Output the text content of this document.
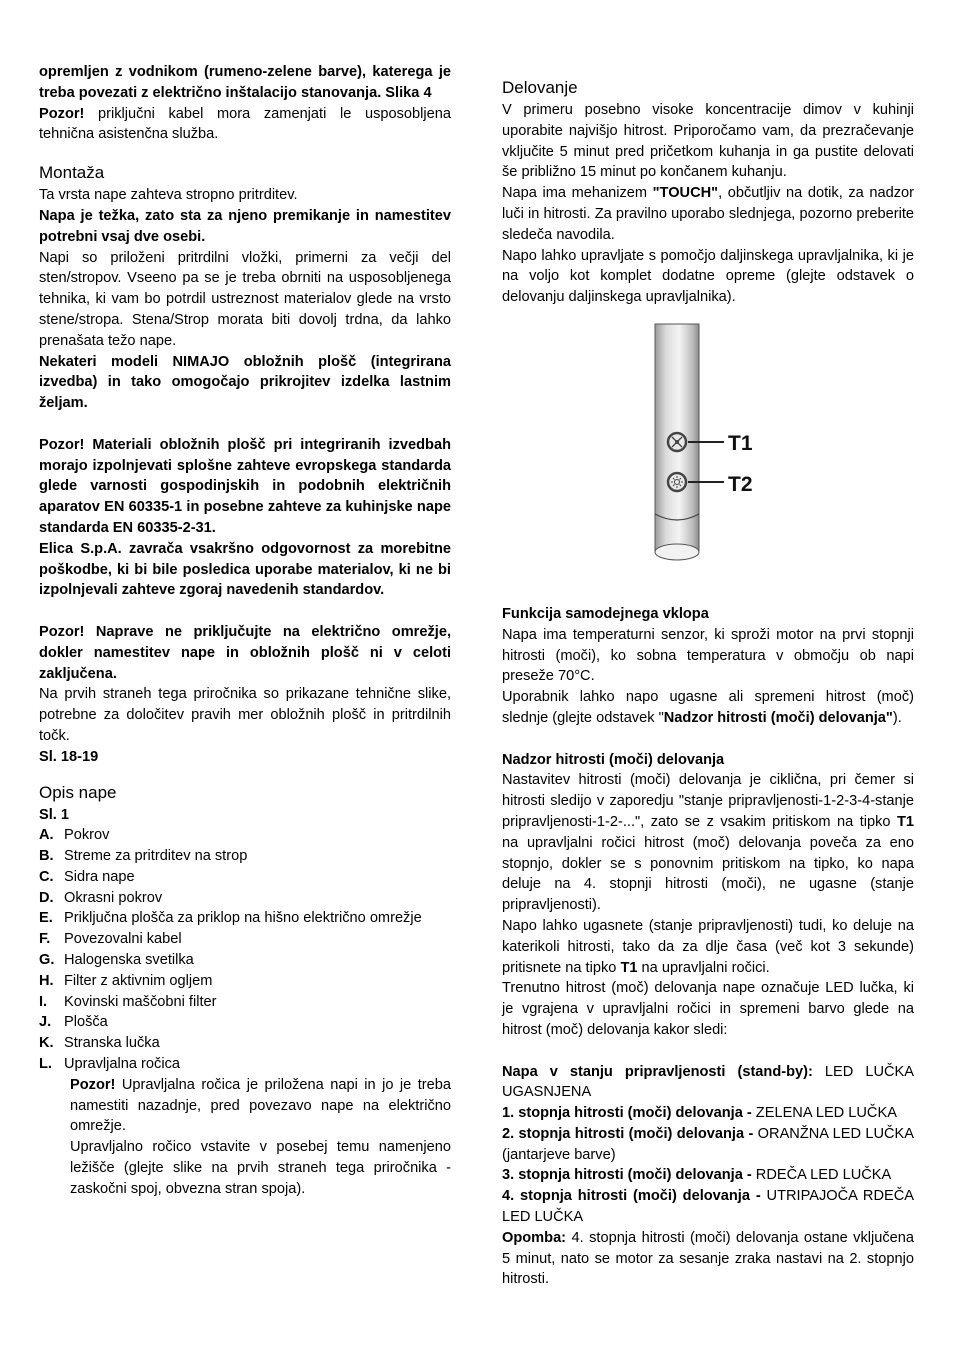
opremljen z vodnikom (rumeno-zelene barve), katerega je treba povezati z električno inštalacijo stanovanja. Slika 4

Pozor! priključni kabel mora zamenjati le usposobljena tehnična asistenčna služba.

Montaža

Ta vrsta nape zahteva stropno pritrditev.

Napa je težka, zato sta za njeno premikanje in namestitev potrebni vsaj dve osebi.

Napi so priloženi pritrdilni vložki, primerni za večji del sten/stropov. Vseeno pa se je treba obrniti na usposobljenega tehnika, ki vam bo potrdil ustreznost materialov glede na vrsto stene/stropa. Stena/Strop morata biti dovolj trdna, da lahko prenašata težo nape.

Nekateri modeli NIMAJO obložnih plošč (integrirana izvedba) in tako omogočajo prikrojitev izdelka lastnim željam.

Pozor! Materiali obložnih plošč pri integriranih izvedbah morajo izpolnjevati splošne zahteve evropskega standarda glede varnosti gospodinjskih in podobnih električnih aparatov EN 60335-1 in posebne zahteve za kuhinjske nape standarda EN 60335-2-31.

Elica S.p.A. zavrača vsakršno odgovornost za morebitne poškodbe, ki bi bile posledica uporabe materialov, ki ne bi izpolnjevali zahteve zgoraj navedenih standardov.

Pozor! Naprave ne priključujte na električno omrežje, dokler namestitev nape in obložnih plošč ni v celoti zaključena.

Na prvih straneh tega priročnika so prikazane tehnične slike, potrebne za določitev pravih mer obložnih plošč in pritrdilnih točk.

Sl. 18-19

Opis nape

Sl. 1

A. Pokrov
B. Streme za pritrditev na strop
C. Sidra nape
D. Okrasni pokrov
E. Priključna plošča za priklop na hišno električno omrežje
F. Povezovalni kabel
G. Halogenska svetilka
H. Filter z aktivnim ogljem
I. Kovinski maščobni filter
J. Plošča
K. Stranska lučka
L. Upravljalna ročica

Pozor! Upravljalna ročica je priložena napi in jo je treba namestiti nazadnje, pred povezavo nape na električno omrežje.

Upravljalno ročico vstavite v posebej temu namenjeno ležišče (glejte slike na prvih straneh tega priročnika - zaskočni spoj, obvezna stran spoja).

Delovanje

V primeru posebno visoke koncentracije dimov v kuhinji uporabite najvišjo hitrost. Priporočamo vam, da prezračevanje vključite 5 minut pred pričetkom kuhanja in ga pustite delovati še približno 15 minut po končanem kuhanju.

Napa ima mehanizem "TOUCH", občutljiv na dotik, za nadzor luči in hitrosti. Za pravilno uporabo slednjega, pozorno preberite sledeča navodila.

Napo lahko upravljate s pomočjo daljinskega upravljalnika, ki je na voljo kot komplet dodatne opreme (glejte odstavek o delovanju daljinskega upravljalnika).

T1
T2

Funkcija samodejnega vklopa

Napa ima temperaturni senzor, ki sproži motor na prvi stopnji hitrosti (moči), ko sobna temperatura v območju ob napi preseže 70°C.

Uporabnik lahko napo ugasne ali spremeni hitrost (moč) slednje (glejte odstavek "Nadzor hitrosti (moči) delovanja").

Nadzor hitrosti (moči) delovanja

Nastavitev hitrosti (moči) delovanja je ciklična, pri čemer si hitrosti sledijo v zaporedju "stanje pripravljenosti-1-2-3-4-stanje pripravljenosti-1-2-...", zato se z vsakim pritiskom na tipko T1 na upravljalni ročici hitrost (moč) delovanja poveča za eno stopnjo, dokler se s ponovnim pritiskom na tipko, ko napa deluje na 4. stopnji hitrosti (moči), ne ugasne (stanje pripravljenosti).

Napo lahko ugasnete (stanje pripravljenosti) tudi, ko deluje na katerikoli hitrosti, tako da za dlje časa (več kot 3 sekunde) pritisnete na tipko T1 na upravljalni ročici.

Trenutno hitrost (moč) delovanja nape označuje LED lučka, ki je vgrajena v upravljalni ročici in spremeni barvo glede na hitrost (moč) delovanja kakor sledi:

Napa v stanju pripravljenosti (stand-by): LED LUČKA UGASNJENA

1. stopnja hitrosti (moči) delovanja - ZELENA LED LUČKA

2. stopnja hitrosti (moči) delovanja - ORANŽNA LED LUČKA (jantarjeve barve)

3. stopnja hitrosti (moči) delovanja - RDEČA LED LUČKA

4. stopnja hitrosti (moči) delovanja - UTRIPAJOČA RDEČA LED LUČKA

Opomba: 4. stopnja hitrosti (moči) delovanja ostane vključena 5 minut, nato se motor za sesanje zraka nastavi na 2. stopnjo hitrosti.
